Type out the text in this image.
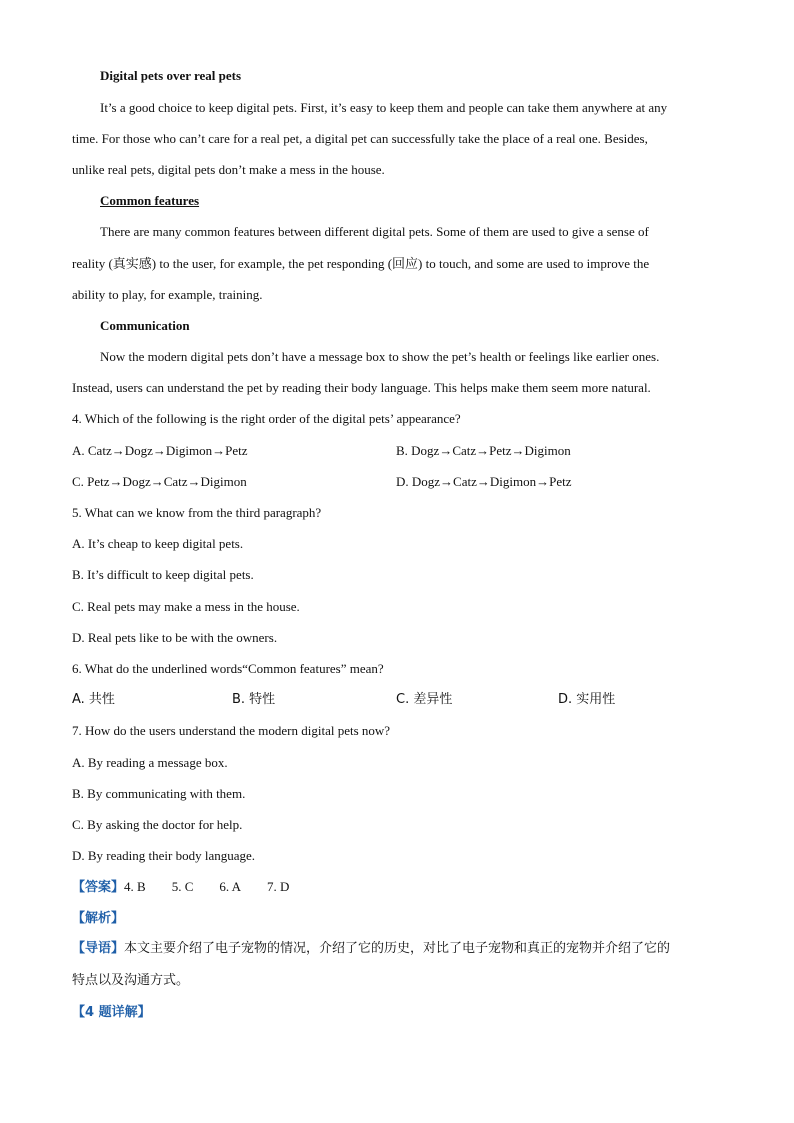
Digital pets over real pets
It’s a good choice to keep digital pets. First, it’s easy to keep them and people can take them anywhere at any
time. For those who can’t care for a real pet, a digital pet can successfully take the place of a real one. Besides,
unlike real pets, digital pets don’t make a mess in the house.
Common features
There are many common features between different digital pets. Some of them are used to give a sense of
reality (真实感) to the user, for example, the pet responding (回应) to touch, and some are used to improve the
ability to play, for example, training.
Communication
Now the modern digital pets don’t have a message box to show the pet’s health or feelings like earlier ones.
Instead, users can understand the pet by reading their body language. This helps make them seem more natural.
4. Which of the following is the right order of the digital pets’ appearance?
A. Catz→Dogz→Digimon→Petz	B. Dogz→Catz→Petz→Digimon
C. Petz→Dogz→Catz→Digimon	D. Dogz→Catz→Digimon→Petz
5. What can we know from the third paragraph?
A. It’s cheap to keep digital pets.
B. It’s difficult to keep digital pets.
C. Real pets may make a mess in the house.
D. Real pets like to be with the owners.
6. What do the underlined words“Common features” mean?
A. 共性	B. 特性	C. 差异性	D. 实用性
7. How do the users understand the modern digital pets now?
A. By reading a message box.
B. By communicating with them.
C. By asking the doctor for help.
D. By reading their body language.
【答案】4. B 5. C 6. A 7. D
【解析】
【导语】本文主要介绍了电子宠物的情况，介绍了它的历史，对比了电子宠物和真正的宠物并介绍了它的
特点以及沟通方式。
【4 题详解】
